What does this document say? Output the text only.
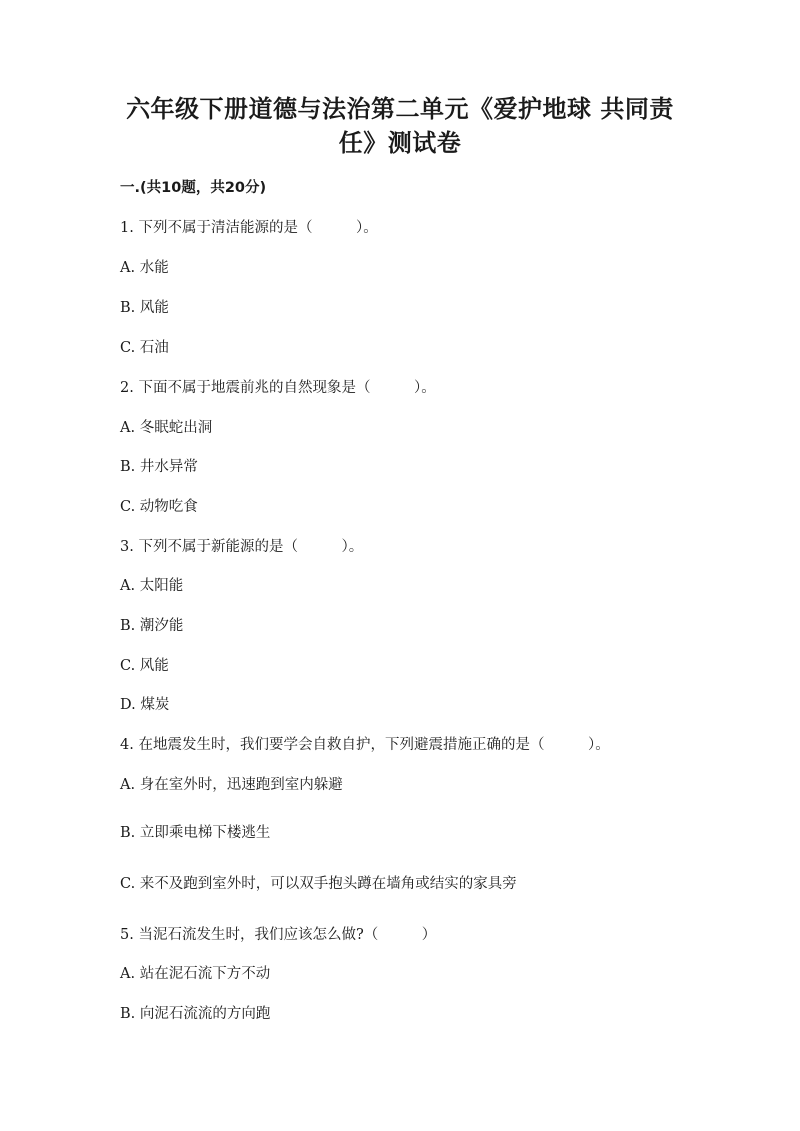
六年级下册道德与法治第二单元《爱护地球 共同责任》测试卷
一.(共10题，共20分)
1. 下列不属于清洁能源的是（　　　）。
A. 水能
B. 风能
C. 石油
2. 下面不属于地震前兆的自然现象是（　　　）。
A. 冬眠蛇出洞
B. 井水异常
C. 动物吃食
3. 下列不属于新能源的是（　　　）。
A. 太阳能
B. 潮汐能
C. 风能
D. 煤炭
4. 在地震发生时，我们要学会自救自护，下列避震措施正确的是（　　　）。
A. 身在室外时，迅速跑到室内躲避
B. 立即乘电梯下楼逃生
C. 来不及跑到室外时，可以双手抱头蹲在墙角或结实的家具旁
5. 当泥石流发生时，我们应该怎么做?（　　　）
A. 站在泥石流下方不动
B. 向泥石流流的方向跑
